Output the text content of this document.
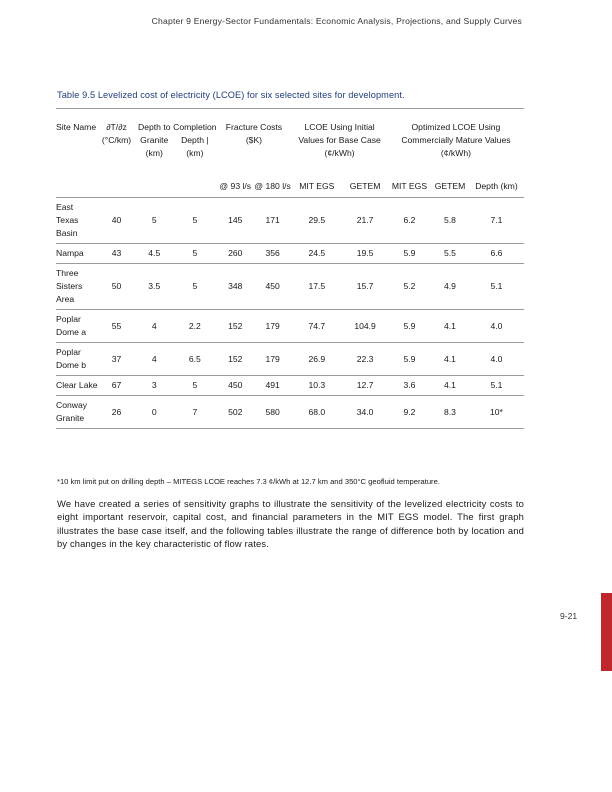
Chapter 9 Energy-Sector Fundamentals: Economic Analysis, Projections, and Supply Curves
Table 9.5 Levelized cost of electricity (LCOE) for six selected sites for development.
Site Name	∂T/∂z (°C/km)	Depth to Granite (km)	Completion Depth |(km)	Fracture Costs ($K)		LCOE Using Initial Values for Base Case (¢/kWh)		Optimized LCOE Using Commercially Mature Values (¢/kWh)		
				@ 93 l/s	@ 180 l/s	MIT EGS	GETEM	MIT EGS	GETEM	Depth (km)
East Texas Basin	40	5	5	145	171	29.5	21.7	6.2	5.8	7.1
Nampa	43	4.5	5	260	356	24.5	19.5	5.9	5.5	6.6
Three Sisters Area	50	3.5	5	348	450	17.5	15.7	5.2	4.9	5.1
Poplar Dome a	55	4	2.2	152	179	74.7	104.9	5.9	4.1	4.0
Poplar Dome b	37	4	6.5	152	179	26.9	22.3	5.9	4.1	4.0
Clear Lake	67	3	5	450	491	10.3	12.7	3.6	4.1	5.1
Conway Granite	26	0	7	502	580	68.0	34.0	9.2	8.3	10*
*10 km limit put on drilling depth – MITEGS LCOE reaches 7.3 ¢/kWh at 12.7 km and 350°C geofluid temperature.

We have created a series of sensitivity graphs to illustrate the sensitivity of the levelized electricity costs to eight important reservoir, capital cost, and financial parameters in the MIT EGS model. The first graph illustrates the base case itself, and the following tables illustrate the range of difference both by location and by changes in the key characteristic of flow rates.

9-21
